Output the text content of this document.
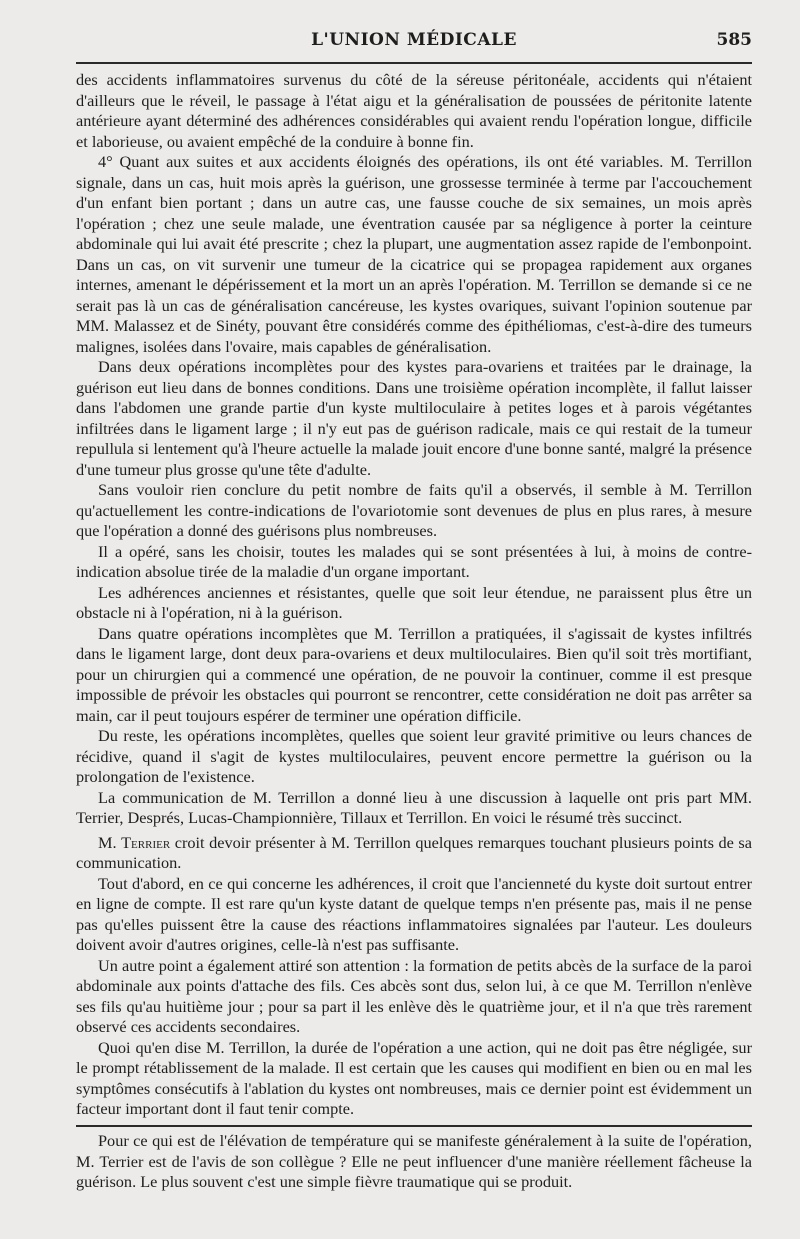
L'UNION MÉDICALE	585

des accidents inflammatoires survenus du côté de la séreuse péritonéale, accidents qui n'étaient d'ailleurs que le réveil, le passage à l'état aigu et la généralisation de poussées de péritonite latente antérieure ayant déterminé des adhérences considérables qui avaient rendu l'opération longue, difficile et laborieuse, ou avaient empêché de la conduire à bonne fin.

4° Quant aux suites et aux accidents éloignés des opérations, ils ont été variables. M. Terrillon signale, dans un cas, huit mois après la guérison, une grossesse terminée à terme par l'accouchement d'un enfant bien portant ; dans un autre cas, une fausse couche de six semaines, un mois après l'opération ; chez une seule malade, une éventration causée par sa négligence à porter la ceinture abdominale qui lui avait été prescrite ; chez la plupart, une augmentation assez rapide de l'embonpoint. Dans un cas, on vit survenir une tumeur de la cicatrice qui se propagea rapidement aux organes internes, amenant le dépérissement et la mort un an après l'opération. M. Terrillon se demande si ce ne serait pas là un cas de généralisation cancéreuse, les kystes ovariques, suivant l'opinion soutenue par MM. Malassez et de Sinéty, pouvant être considérés comme des épithéliomas, c'est-à-dire des tumeurs malignes, isolées dans l'ovaire, mais capables de généralisation.

Dans deux opérations incomplètes pour des kystes para-ovariens et traitées par le drainage, la guérison eut lieu dans de bonnes conditions. Dans une troisième opération incomplète, il fallut laisser dans l'abdomen une grande partie d'un kyste multiloculaire à petites loges et à parois végétantes infiltrées dans le ligament large ; il n'y eut pas de guérison radicale, mais ce qui restait de la tumeur repullula si lentement qu'à l'heure actuelle la malade jouit encore d'une bonne santé, malgré la présence d'une tumeur plus grosse qu'une tête d'adulte.

Sans vouloir rien conclure du petit nombre de faits qu'il a observés, il semble à M. Terrillon qu'actuellement les contre-indications de l'ovariotomie sont devenues de plus en plus rares, à mesure que l'opération a donné des guérisons plus nombreuses.

Il a opéré, sans les choisir, toutes les malades qui se sont présentées à lui, à moins de contre-indication absolue tirée de la maladie d'un organe important.

Les adhérences anciennes et résistantes, quelle que soit leur étendue, ne paraissent plus être un obstacle ni à l'opération, ni à la guérison.

Dans quatre opérations incomplètes que M. Terrillon a pratiquées, il s'agissait de kystes infiltrés dans le ligament large, dont deux para-ovariens et deux multiloculaires. Bien qu'il soit très mortifiant, pour un chirurgien qui a commencé une opération, de ne pouvoir la continuer, comme il est presque impossible de prévoir les obstacles qui pourront se rencontrer, cette considération ne doit pas arrêter sa main, car il peut toujours espérer de terminer une opération difficile.

Du reste, les opérations incomplètes, quelles que soient leur gravité primitive ou leurs chances de récidive, quand il s'agit de kystes multiloculaires, peuvent encore permettre la guérison ou la prolongation de l'existence.

La communication de M. Terrillon a donné lieu à une discussion à laquelle ont pris part MM. Terrier, Després, Lucas-Championnière, Tillaux et Terrillon. En voici le résumé très succinct.

M. Terrier croit devoir présenter à M. Terrillon quelques remarques touchant plusieurs points de sa communication.

Tout d'abord, en ce qui concerne les adhérences, il croit que l'ancienneté du kyste doit surtout entrer en ligne de compte. Il est rare qu'un kyste datant de quelque temps n'en présente pas, mais il ne pense pas qu'elles puissent être la cause des réactions inflammatoires signalées par l'auteur. Les douleurs doivent avoir d'autres origines, celle-là n'est pas suffisante.

Un autre point a également attiré son attention : la formation de petits abcès de la surface de la paroi abdominale aux points d'attache des fils. Ces abcès sont dus, selon lui, à ce que M. Terrillon n'enlève ses fils qu'au huitième jour ; pour sa part il les enlève dès le quatrième jour, et il n'a que très rarement observé ces accidents secondaires.

Quoi qu'en dise M. Terrillon, la durée de l'opération a une action, qui ne doit pas être négligée, sur le prompt rétablissement de la malade. Il est certain que les causes qui modifient en bien ou en mal les symptômes consécutifs à l'ablation du kystes ont nombreuses, mais ce dernier point est évidemment un facteur important dont il faut tenir compte.

Pour ce qui est de l'élévation de température qui se manifeste généralement à la suite de l'opération, M. Terrier est de l'avis de son collègue ? Elle ne peut influencer d'une manière réellement fâcheuse la guérison. Le plus souvent c'est une simple fièvre traumatique qui se produit.
